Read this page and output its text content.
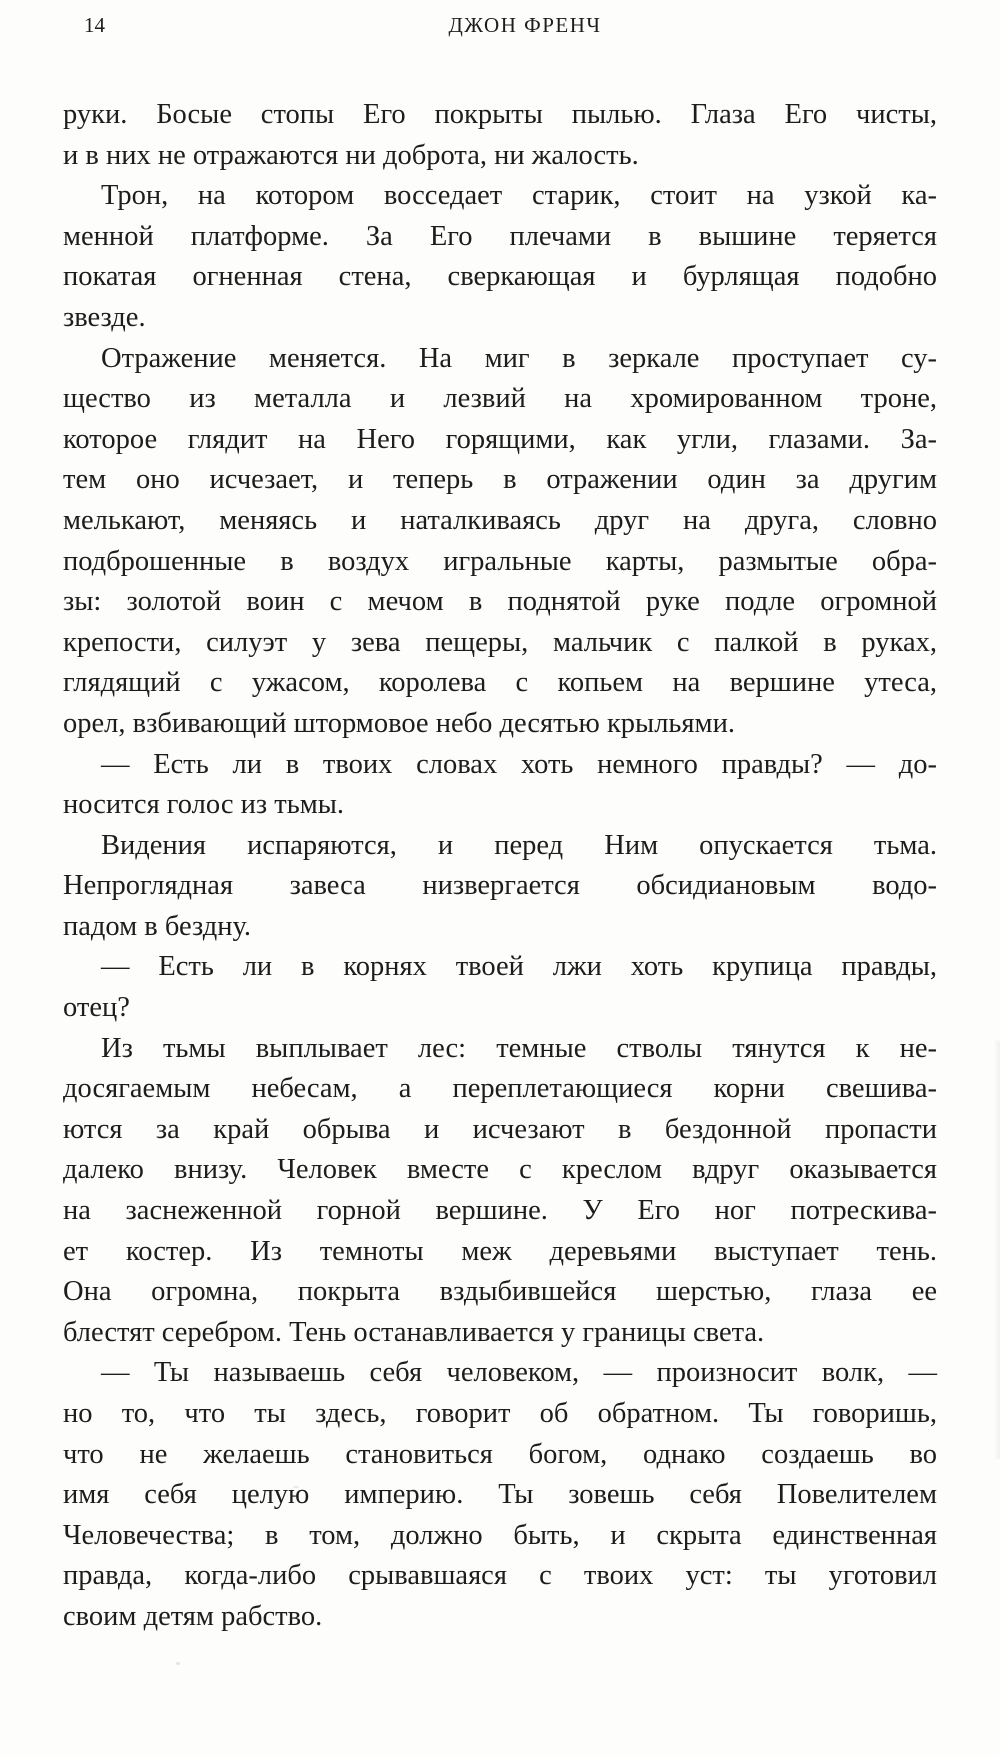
14	ДЖОН ФРЕНЧ
руки. Босые стопы Его покрыты пылью. Глаза Его чисты,
и в них не отражаются ни доброта, ни жалость.
Трон, на котором восседает старик, стоит на узкой ка-
менной платформе. За Его плечами в вышине теряется
покатая огненная стена, сверкающая и бурлящая подобно
звезде.
Отражение меняется. На миг в зеркале проступает су-
щество из металла и лезвий на хромированном троне,
которое глядит на Него горящими, как угли, глазами. За-
тем оно исчезает, и теперь в отражении один за другим
мелькают, меняясь и наталкиваясь друг на друга, словно
подброшенные в воздух игральные карты, размытые обра-
зы: золотой воин с мечом в поднятой руке подле огромной
крепости, силуэт у зева пещеры, мальчик с палкой в руках,
глядящий с ужасом, королева с копьем на вершине утеса,
орел, взбивающий штормовое небо десятью крыльями.
— Есть ли в твоих словах хоть немного правды? — до-
носится голос из тьмы.
Видения испаряются, и перед Ним опускается тьма.
Непроглядная завеса низвергается обсидиановым водо-
падом в бездну.
— Есть ли в корнях твоей лжи хоть крупица правды,
отец?
Из тьмы выплывает лес: темные стволы тянутся к не-
досягаемым небесам, а переплетающиеся корни свешива-
ются за край обрыва и исчезают в бездонной пропасти
далеко внизу. Человек вместе с креслом вдруг оказывается
на заснеженной горной вершине. У Его ног потрескива-
ет костер. Из темноты меж деревьями выступает тень.
Она огромна, покрыта вздыбившейся шерстью, глаза ее
блестят серебром. Тень останавливается у границы света.
— Ты называешь себя человеком, — произносит волк, —
но то, что ты здесь, говорит об обратном. Ты говоришь,
что не желаешь становиться богом, однако создаешь во
имя себя целую империю. Ты зовешь себя Повелителем
Человечества; в том, должно быть, и скрыта единственная
правда, когда-либо срывавшаяся с твоих уст: ты уготовил
своим детям рабство.
